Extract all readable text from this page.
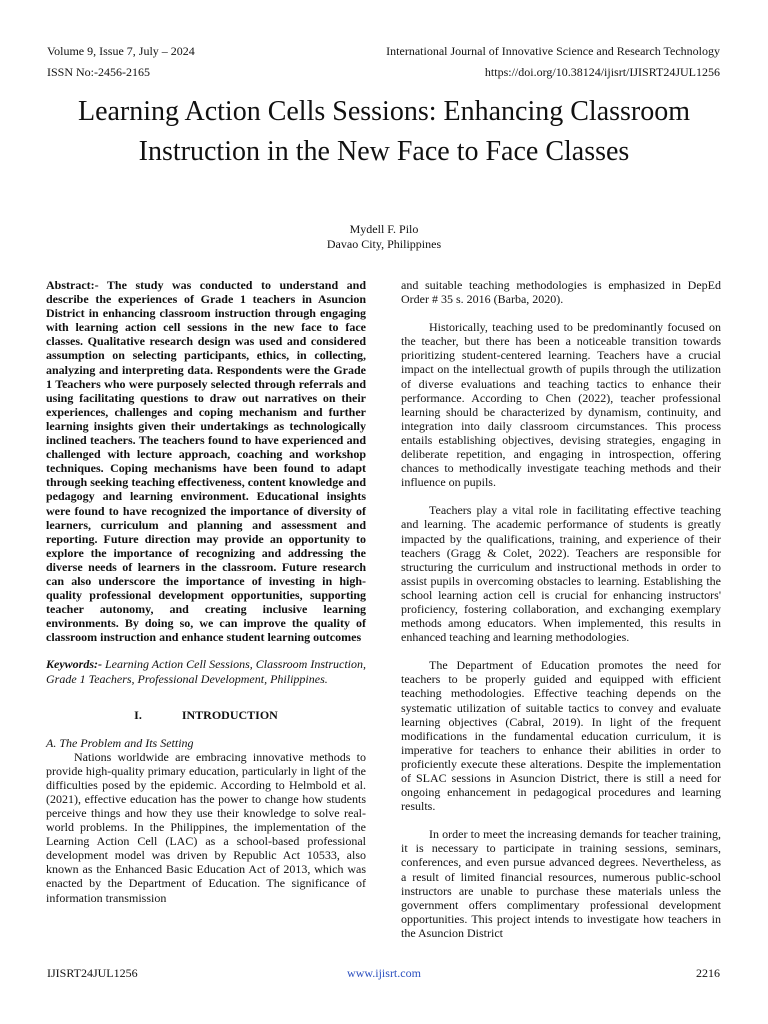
Volume 9, Issue 7, July – 2024	International Journal of Innovative Science and Research Technology
ISSN No:-2456-2165	https://doi.org/10.38124/ijisrt/IJISRT24JUL1256
Learning Action Cells Sessions: Enhancing Classroom Instruction in the New Face to Face Classes
Mydell F. Pilo
Davao City, Philippines

Abstract:- The study was conducted to understand and describe the experiences of Grade 1 teachers in Asuncion District in enhancing classroom instruction through engaging with learning action cell sessions in the new face to face classes. Qualitative research design was used and considered assumption on selecting participants, ethics, in collecting, analyzing and interpreting data. Respondents were the Grade 1 Teachers who were purposely selected through referrals and using facilitating questions to draw out narratives on their experiences, challenges and coping mechanism and further learning insights given their undertakings as technologically inclined teachers. The teachers found to have experienced and challenged with lecture approach, coaching and workshop techniques. Coping mechanisms have been found to adapt through seeking teaching effectiveness, content knowledge and pedagogy and learning environment. Educational insights were found to have recognized the importance of diversity of learners, curriculum and planning and assessment and reporting. Future direction may provide an opportunity to explore the importance of recognizing and addressing the diverse needs of learners in the classroom. Future research can also underscore the importance of investing in high-quality professional development opportunities, supporting teacher autonomy, and creating inclusive learning environments. By doing so, we can improve the quality of classroom instruction and enhance student learning outcomes

Keywords:- Learning Action Cell Sessions, Classroom Instruction, Grade 1 Teachers, Professional Development, Philippines.

I.	INTRODUCTION
A. The Problem and Its Setting

Nations worldwide are embracing innovative methods to provide high-quality primary education, particularly in light of the difficulties posed by the epidemic. According to Helmbold et al. (2021), effective education has the power to change how students perceive things and how they use their knowledge to solve real-world problems. In the Philippines, the implementation of the Learning Action Cell (LAC) as a school-based professional development model was driven by Republic Act 10533, also known as the Enhanced Basic Education Act of 2013, which was enacted by the Department of Education. The significance of information transmission

and suitable teaching methodologies is emphasized in DepEd Order # 35 s. 2016 (Barba, 2020).

Historically, teaching used to be predominantly focused on the teacher, but there has been a noticeable transition towards prioritizing student-centered learning. Teachers have a crucial impact on the intellectual growth of pupils through the utilization of diverse evaluations and teaching tactics to enhance their performance. According to Chen (2022), teacher professional learning should be characterized by dynamism, continuity, and integration into daily classroom circumstances. This process entails establishing objectives, devising strategies, engaging in deliberate repetition, and engaging in introspection, offering chances to methodically investigate teaching methods and their influence on pupils.

Teachers play a vital role in facilitating effective teaching and learning. The academic performance of students is greatly impacted by the qualifications, training, and experience of their teachers (Gragg & Colet, 2022). Teachers are responsible for structuring the curriculum and instructional methods in order to assist pupils in overcoming obstacles to learning. Establishing the school learning action cell is crucial for enhancing instructors' proficiency, fostering collaboration, and exchanging exemplary methods among educators. When implemented, this results in enhanced teaching and learning methodologies.

The Department of Education promotes the need for teachers to be properly guided and equipped with efficient teaching methodologies. Effective teaching depends on the systematic utilization of suitable tactics to convey and evaluate learning objectives (Cabral, 2019). In light of the frequent modifications in the fundamental education curriculum, it is imperative for teachers to enhance their abilities in order to proficiently execute these alterations. Despite the implementation of SLAC sessions in Asuncion District, there is still a need for ongoing enhancement in pedagogical procedures and learning results.

In order to meet the increasing demands for teacher training, it is necessary to participate in training sessions, seminars, conferences, and even pursue advanced degrees. Nevertheless, as a result of limited financial resources, numerous public-school instructors are unable to purchase these materials unless the government offers complimentary professional development opportunities. This project intends to investigate how teachers in the Asuncion District

IJISRT24JUL1256	www.ijisrt.com	2216
